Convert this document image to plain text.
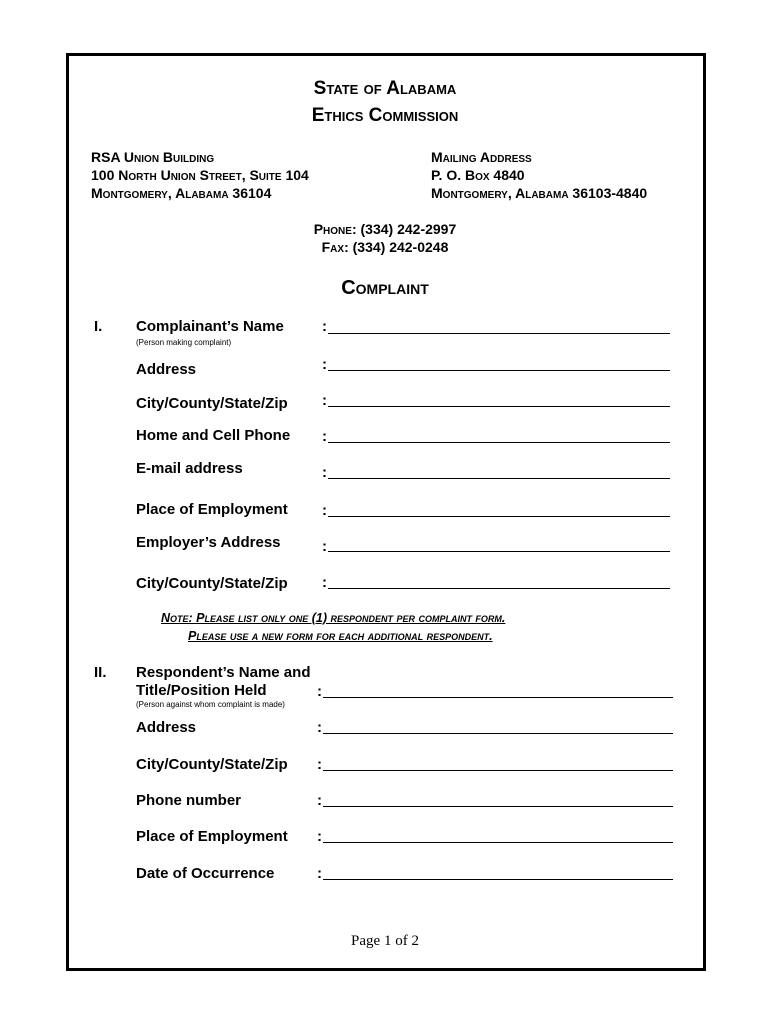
State of Alabama
Ethics Commission
RSA Union Building
100 North Union Street, Suite 104
Montgomery, Alabama 36104
Mailing Address
P. O. Box 4840
Montgomery, Alabama 36103-4840
Phone: (334) 242-2997
Fax: (334) 242-0248
Complaint
I. Complainant’s Name
(Person making complaint)
:
Address	:
City/County/State/Zip :
Home and Cell Phone :
E-mail address	:
Place of Employment :
Employer’s Address	:
City/County/State/Zip :
Note: Please list only one (1) respondent per complaint form.
Please use a new form for each additional respondent.
II. Respondent’s Name and
Title/Position Held
(Person against whom complaint is made)
:
Address	:
City/County/State/Zip :
Phone number	:
Place of Employment :
Date of Occurrence	:
Page 1 of 2
